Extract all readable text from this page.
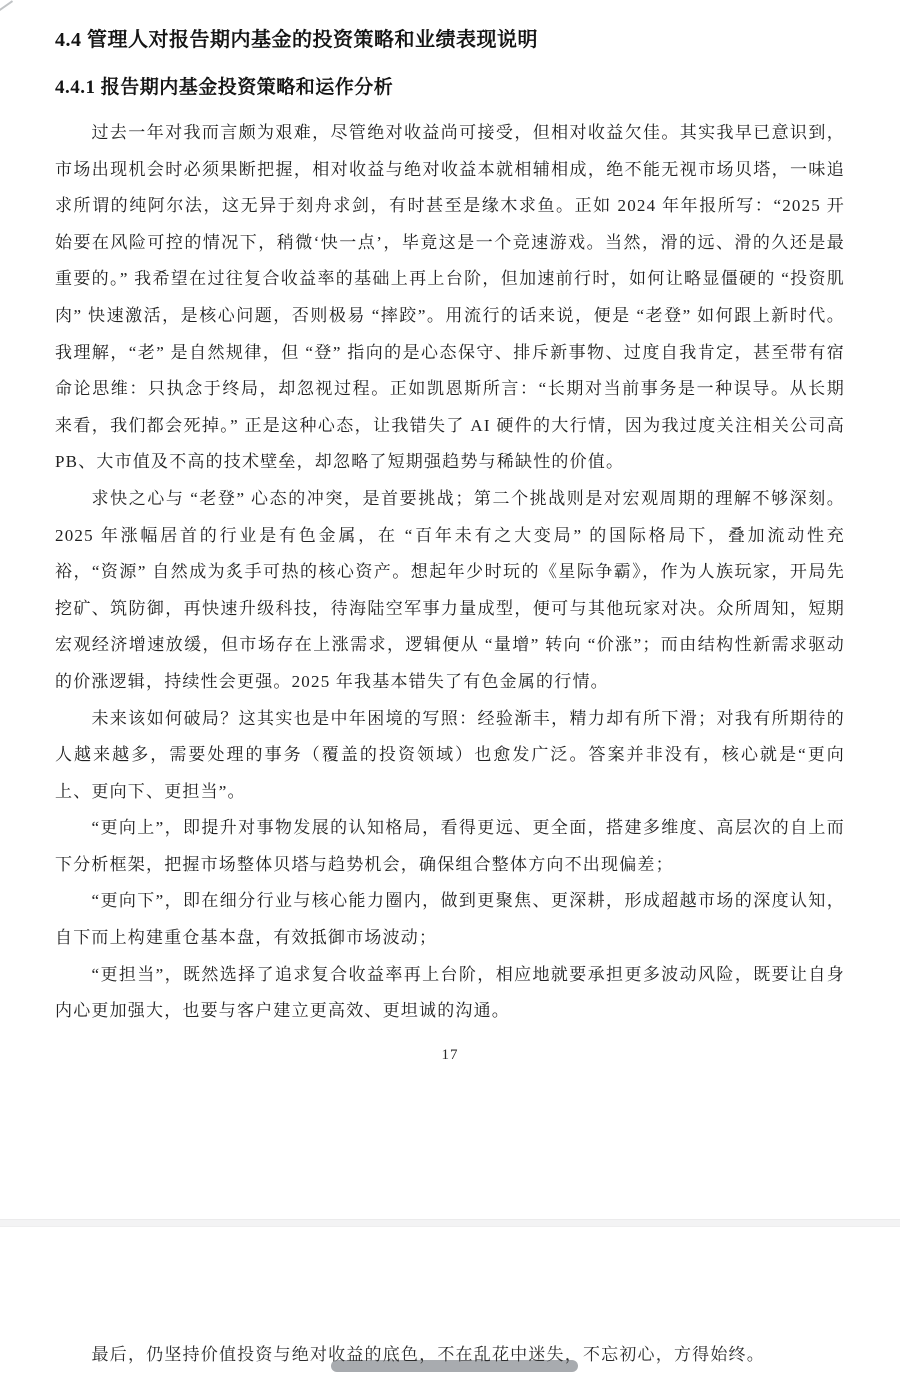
4.4 管理人对报告期内基金的投资策略和业绩表现说明
4.4.1 报告期内基金投资策略和运作分析

过去一年对我而言颇为艰难，尽管绝对收益尚可接受，但相对收益欠佳。其实我早已意识到，市场出现机会时必须果断把握，相对收益与绝对收益本就相辅相成，绝不能无视市场贝塔，一味追求所谓的纯阿尔法，这无异于刻舟求剑，有时甚至是缘木求鱼。正如 2024 年年报所写：“2025 开始要在风险可控的情况下，稍微‘快一点’，毕竟这是一个竞速游戏。当然，滑的远、滑的久还是最重要的。” 我希望在过往复合收益率的基础上再上台阶，但加速前行时，如何让略显僵硬的 “投资肌肉” 快速激活，是核心问题，否则极易 “摔跤”。用流行的话来说，便是 “老登” 如何跟上新时代。我理解，“老” 是自然规律，但 “登” 指向的是心态保守、排斥新事物、过度自我肯定，甚至带有宿命论思维：只执念于终局，却忽视过程。正如凯恩斯所言：“长期对当前事务是一种误导。从长期来看，我们都会死掉。” 正是这种心态，让我错失了 AI 硬件的大行情，因为我过度关注相关公司高 PB、大市值及不高的技术壁垒，却忽略了短期强趋势与稀缺性的价值。

求快之心与 “老登” 心态的冲突，是首要挑战；第二个挑战则是对宏观周期的理解不够深刻。2025 年涨幅居首的行业是有色金属，在 “百年未有之大变局” 的国际格局下，叠加流动性充裕，“资源” 自然成为炙手可热的核心资产。想起年少时玩的《星际争霸》，作为人族玩家，开局先挖矿、筑防御，再快速升级科技，待海陆空军事力量成型，便可与其他玩家对决。众所周知，短期宏观经济增速放缓，但市场存在上涨需求，逻辑便从 “量增” 转向 “价涨”；而由结构性新需求驱动的价涨逻辑，持续性会更强。2025 年我基本错失了有色金属的行情。

未来该如何破局？这其实也是中年困境的写照：经验渐丰，精力却有所下滑；对我有所期待的人越来越多，需要处理的事务（覆盖的投资领域）也愈发广泛。答案并非没有，核心就是“更向上、更向下、更担当”。

“更向上”，即提升对事物发展的认知格局，看得更远、更全面，搭建多维度、高层次的自上而下分析框架，把握市场整体贝塔与趋势机会，确保组合整体方向不出现偏差；

“更向下”，即在细分行业与核心能力圈内，做到更聚焦、更深耕，形成超越市场的深度认知，自下而上构建重仓基本盘，有效抵御市场波动；

“更担当”，既然选择了追求复合收益率再上台阶，相应地就要承担更多波动风险，既要让自身内心更加强大，也要与客户建立更高效、更坦诚的沟通。

17

最后，仍坚持价值投资与绝对收益的底色，不在乱花中迷失，不忘初心，方得始终。
